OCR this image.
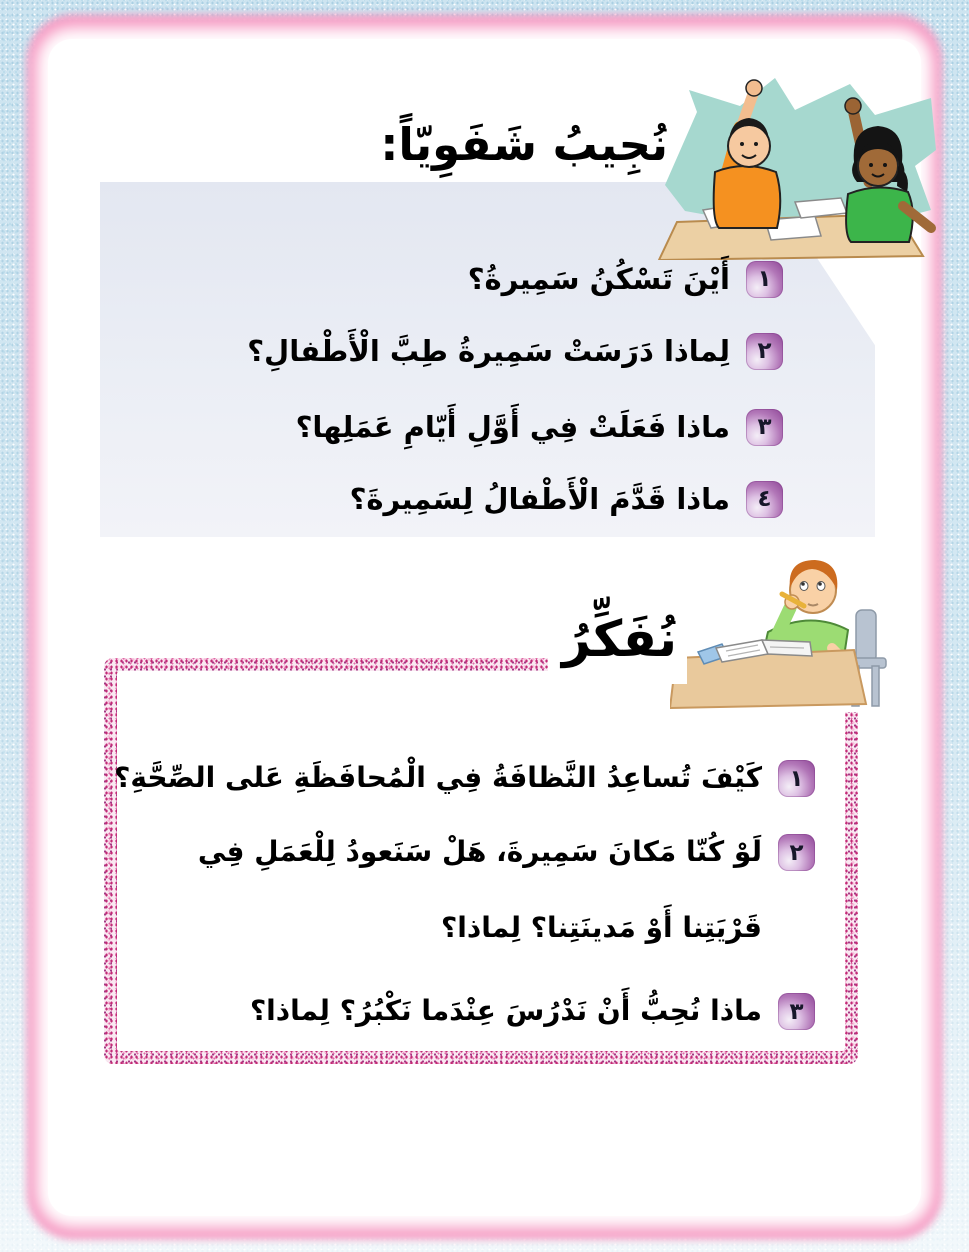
نُجِيبُ شَفَوِيّاً:
١
أَيْنَ تَسْكُنُ سَمِيرةُ؟
٢
لِماذا دَرَسَتْ سَمِيرةُ طِبَّ الْأَطْفالِ؟
٣
ماذا فَعَلَتْ فِي أَوَّلِ أَيّامِ عَمَلِها؟
٤
ماذا قَدَّمَ الْأَطْفالُ لِسَمِيرةَ؟
نُفَكِّرُ
١
كَيْفَ تُساعِدُ النَّظافَةُ فِي الْمُحافَظَةِ عَلى الصِّحَّةِ؟
٢
لَوْ كُنّا مَكانَ سَمِيرةَ، هَلْ سَنَعودُ لِلْعَمَلِ فِي قَرْيَتِنا أَوْ مَدينَتِنا؟ لِماذا؟
٣
ماذا نُحِبُّ أَنْ نَدْرُسَ عِنْدَما نَكْبُرُ؟ لِماذا؟
